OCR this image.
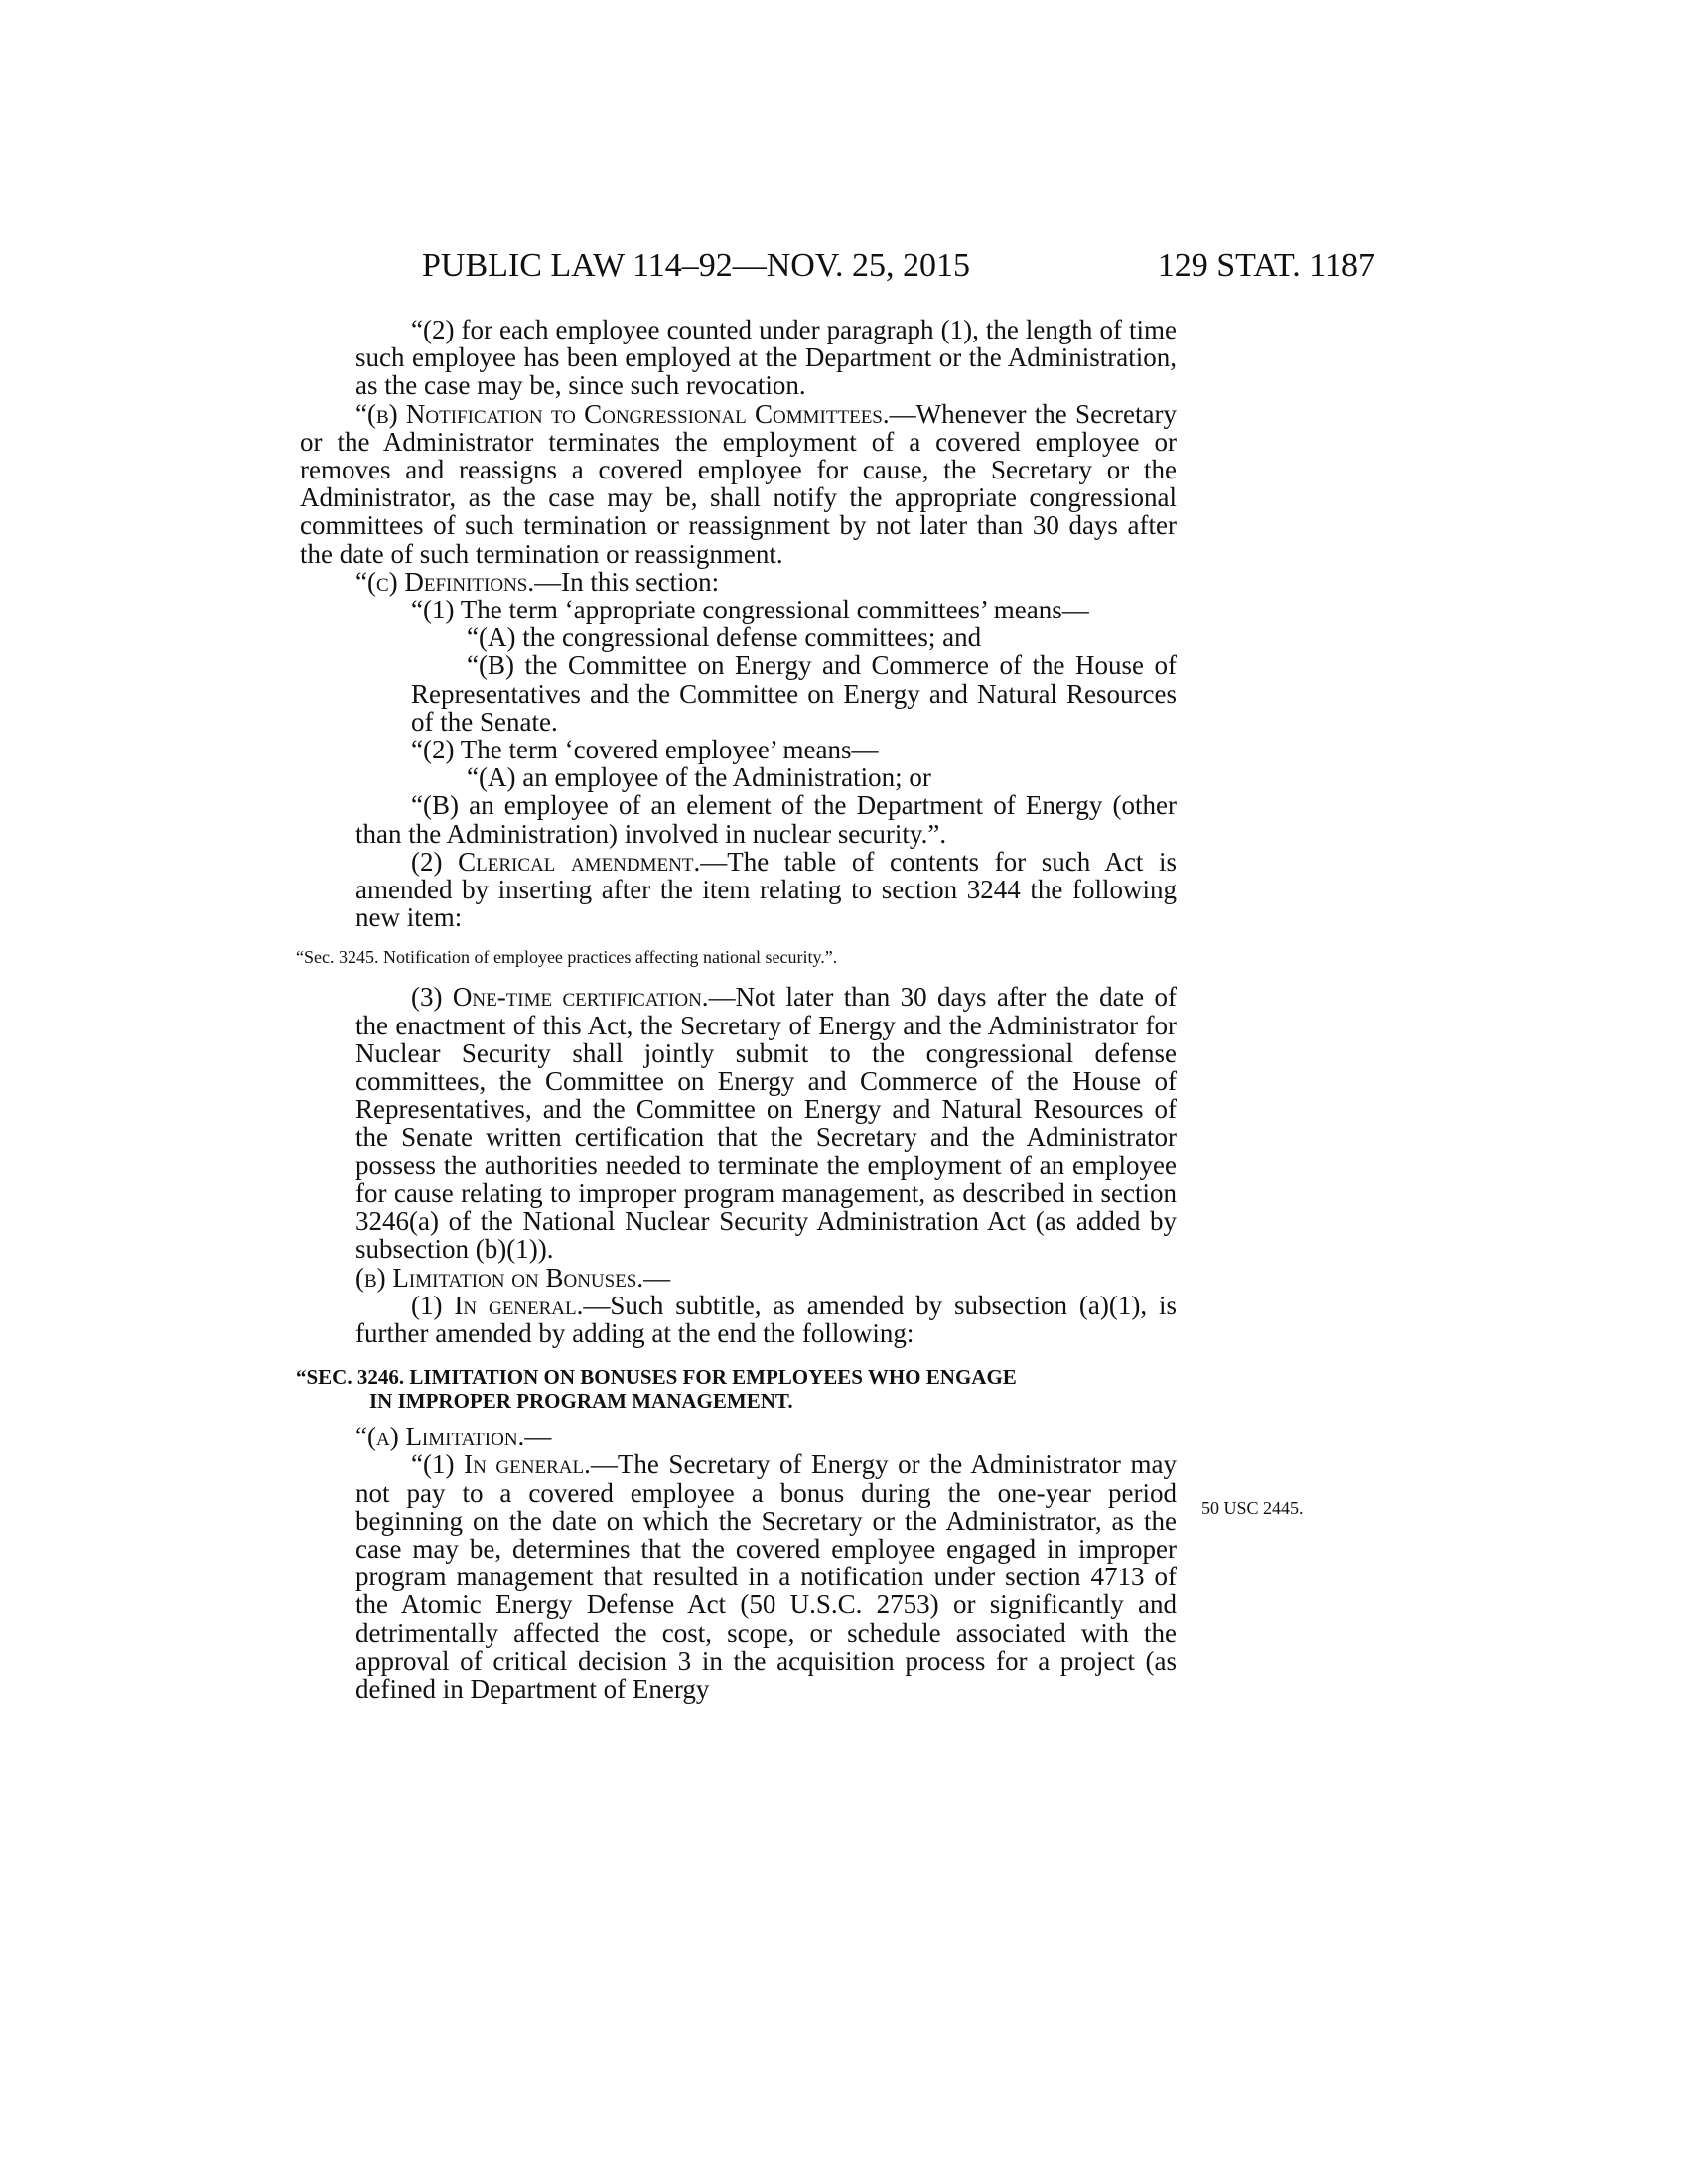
PUBLIC LAW 114–92—NOV. 25, 2015	129 STAT. 1187

“(2) for each employee counted under paragraph (1), the length of time such employee has been employed at the Department or the Administration, as the case may be, since such revocation.

“(b) Notification to Congressional Committees.—Whenever the Secretary or the Administrator terminates the employment of a covered employee or removes and reassigns a covered employee for cause, the Secretary or the Administrator, as the case may be, shall notify the appropriate congressional committees of such termination or reassignment by not later than 30 days after the date of such termination or reassignment.

“(c) Definitions.—In this section:

“(1) The term ‘appropriate congressional committees’ means—

“(A) the congressional defense committees; and

“(B) the Committee on Energy and Commerce of the House of Representatives and the Committee on Energy and Natural Resources of the Senate.

“(2) The term ‘covered employee’ means—

“(A) an employee of the Administration; or

“(B) an employee of an element of the Department of Energy (other than the Administration) involved in nuclear security.”.

(2) Clerical amendment.—The table of contents for such Act is amended by inserting after the item relating to section 3244 the following new item:

“Sec. 3245. Notification of employee practices affecting national security.”.

(3) One-time certification.—Not later than 30 days after the date of the enactment of this Act, the Secretary of Energy and the Administrator for Nuclear Security shall jointly submit to the congressional defense committees, the Committee on Energy and Commerce of the House of Representatives, and the Committee on Energy and Natural Resources of the Senate written certification that the Secretary and the Administrator possess the authorities needed to terminate the employment of an employee for cause relating to improper program management, as described in section 3246(a) of the National Nuclear Security Administration Act (as added by subsection (b)(1)).

(b) Limitation on Bonuses.—

(1) In general.—Such subtitle, as amended by subsection (a)(1), is further amended by adding at the end the following:

“SEC. 3246. LIMITATION ON BONUSES FOR EMPLOYEES WHO ENGAGE
IN IMPROPER PROGRAM MANAGEMENT.

“(a) Limitation.—

“(1) In general.—The Secretary of Energy or the Administrator may not pay to a covered employee a bonus during the one-year period beginning on the date on which the Secretary or the Administrator, as the case may be, determines that the covered employee engaged in improper program management that resulted in a notification under section 4713 of the Atomic Energy Defense Act (50 U.S.C. 2753) or significantly and detrimentally affected the cost, scope, or schedule associated with the approval of critical decision 3 in the acquisition process for a project (as defined in Department of Energy

50 USC 2445.
